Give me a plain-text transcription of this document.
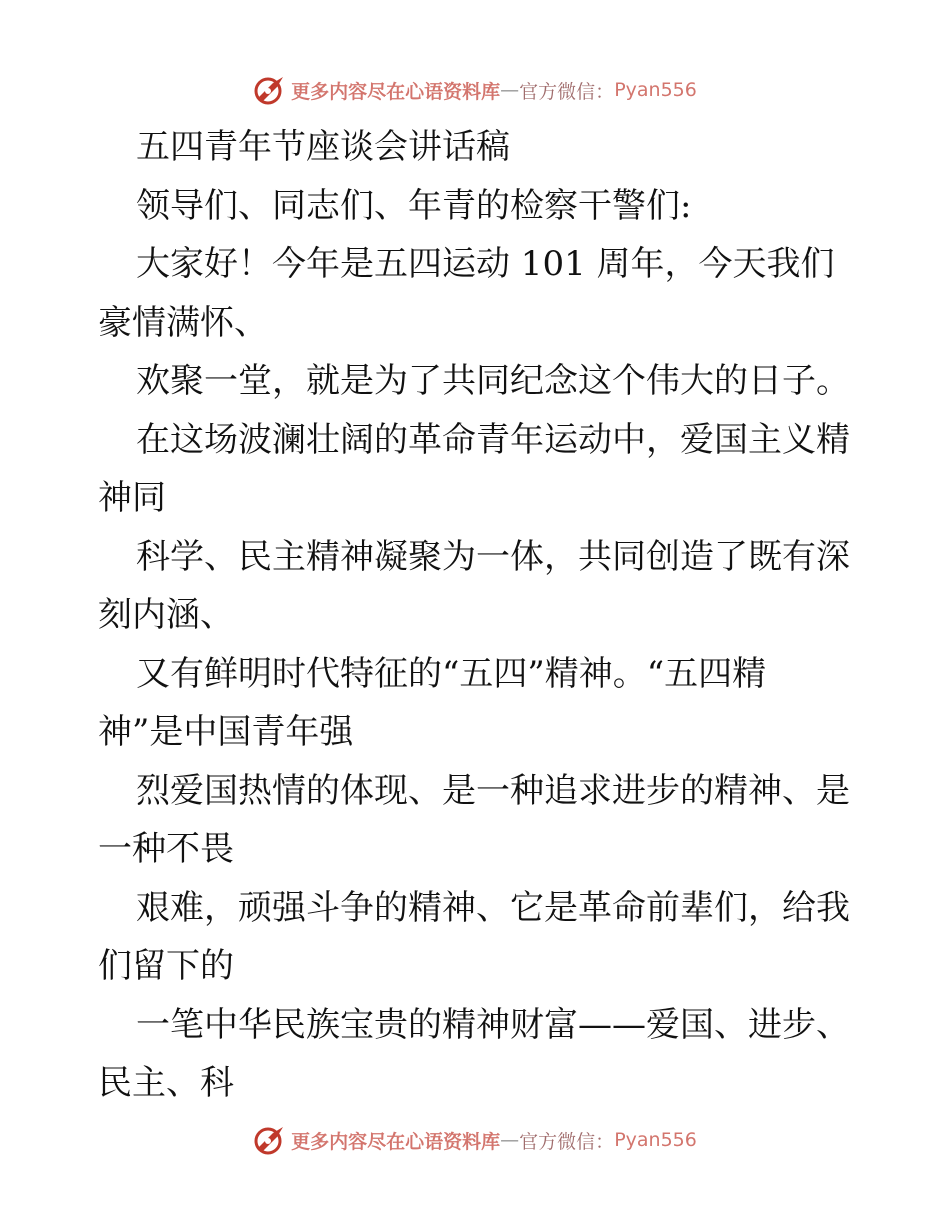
更多内容尽在心语资料库 — 官方微信： Pyan556
五四青年节座谈会讲话稿
领导们、同志们、年青的检察干警们:
大家好！今年是五四运动 101 周年，今天我们
豪情满怀、
欢聚一堂，就是为了共同纪念这个伟大的日子。
在这场波澜壮阔的革命青年运动中，爱国主义精
神同
科学、民主精神凝聚为一体，共同创造了既有深
刻内涵、
又有鲜明时代特征的“五四”精神。“五四精
神”是中国青年强
烈爱国热情的体现、是一种追求进步的精神、是
一种不畏
艰难，顽强斗争的精神、它是革命前辈们，给我
们留下的
一笔中华民族宝贵的精神财富——爱国、进步、
民主、科
更多内容尽在心语资料库 — 官方微信： Pyan556
